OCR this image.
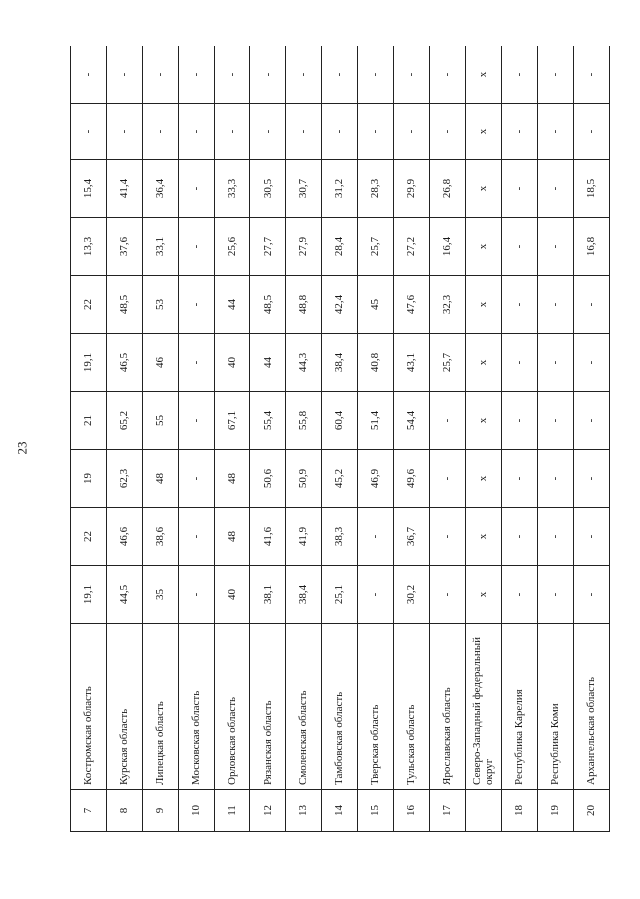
23
7	Костромская область	19,1	22	19	21	19,1	22	13,3	15,4	-	-
8	Курская область	44,5	46,6	62,3	65,2	46,5	48,5	37,6	41,4	-	-
9	Липецкая область	35	38,6	48	55	46	53	33,1	36,4	-	-
10	Московская область	-	-	-	-	-	-	-	-	-	-
11	Орловская область	40	48	48	67,1	40	44	25,6	33,3	-	-
12	Рязанская область	38,1	41,6	50,6	55,4	44	48,5	27,7	30,5	-	-
13	Смоленская область	38,4	41,9	50,9	55,8	44,3	48,8	27,9	30,7	-	-
14	Тамбовская область	25,1	38,3	45,2	60,4	38,4	42,4	28,4	31,2	-	-
15	Тверская область	-	-	46,9	51,4	40,8	45	25,7	28,3	-	-
16	Тульская область	30,2	36,7	49,6	54,4	43,1	47,6	27,2	29,9	-	-
17	Ярославская область	-	-	-	-	25,7	32,3	16,4	26,8	-	-
	Северо-Западный федеральный округ	х	х	х	х	х	х	х	х	х	х
18	Республика Карелия	-	-	-	-	-	-	-	-	-	-
19	Республика Коми	-	-	-	-	-	-	-	-	-	-
20	Архангельская область	-	-	-	-	-	-	16,8	18,5	-	-
